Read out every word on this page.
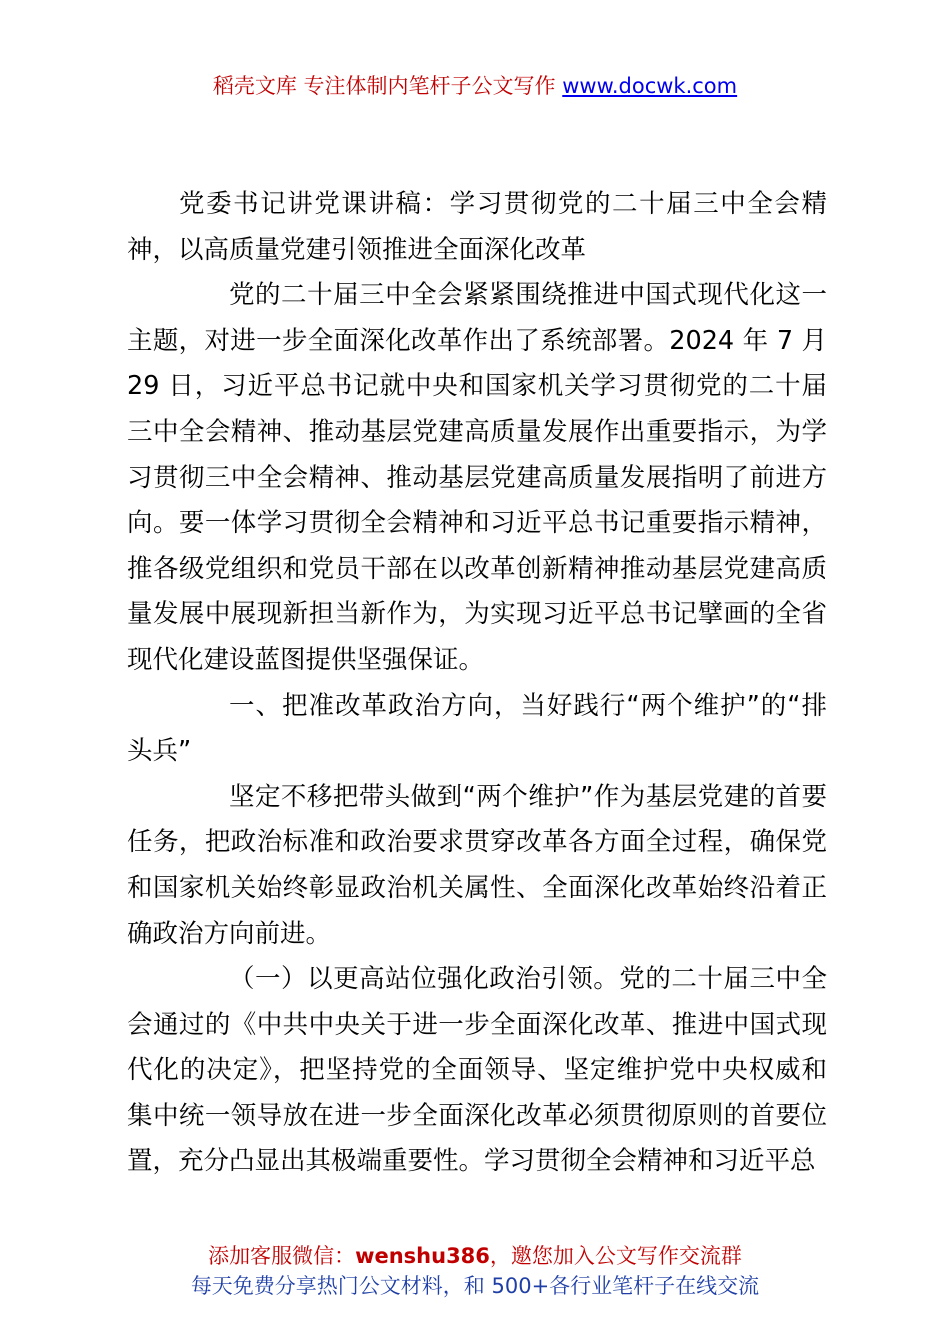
稻壳文库 专注体制内笔杆子公文写作 www.docwk.com

党委书记讲党课讲稿：学习贯彻党的二十届三中全会精神，以高质量党建引领推进全面深化改革

党的二十届三中全会紧紧围绕推进中国式现代化这一主题，对进一步全面深化改革作出了系统部署。2024 年 7 月 29 日，习近平总书记就中央和国家机关学习贯彻党的二十届三中全会精神、推动基层党建高质量发展作出重要指示，为学习贯彻三中全会精神、推动基层党建高质量发展指明了前进方向。要一体学习贯彻全会精神和习近平总书记重要指示精神，推各级党组织和党员干部在以改革创新精神推动基层党建高质量发展中展现新担当新作为，为实现习近平总书记擘画的全省现代化建设蓝图提供坚强保证。

一、把准改革政治方向，当好践行“两个维护”的“排头兵”

坚定不移把带头做到“两个维护”作为基层党建的首要任务，把政治标准和政治要求贯穿改革各方面全过程，确保党和国家机关始终彰显政治机关属性、全面深化改革始终沿着正确政治方向前进。

（一）以更高站位强化政治引领。党的二十届三中全会通过的《中共中央关于进一步全面深化改革、推进中国式现代化的决定》，把坚持党的全面领导、坚定维护党中央权威和集中统一领导放在进一步全面深化改革必须贯彻原则的首要位置，充分凸显出其极端重要性。学习贯彻全会精神和习近平总

添加客服微信：wenshu386，邀您加入公文写作交流群
每天免费分享热门公文材料，和 500+各行业笔杆子在线交流
